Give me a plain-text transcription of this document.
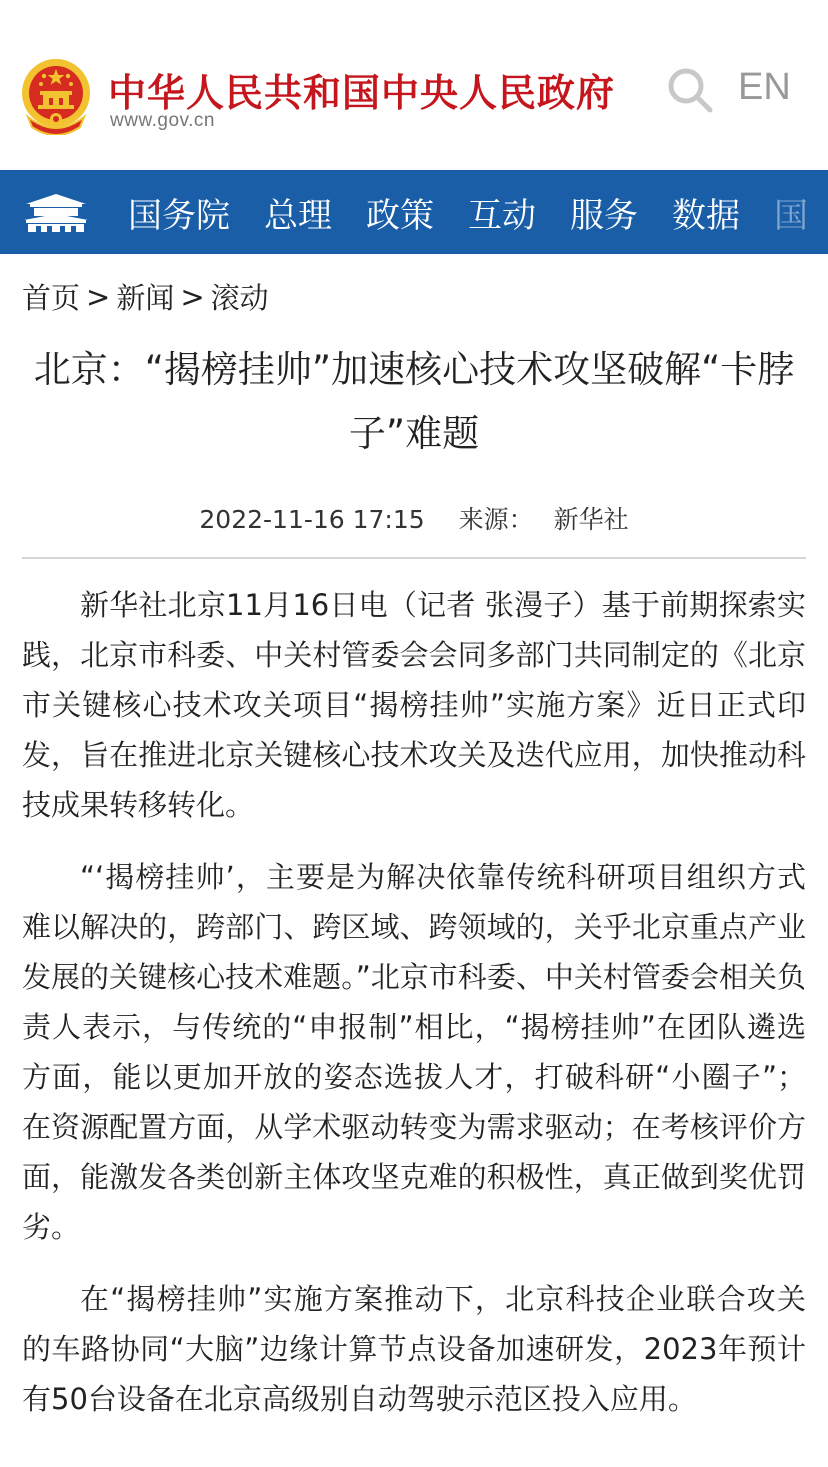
中华人民共和国中央人民政府
www.gov.cn
EN
国务院 总理 政策 互动 服务 数据 国
首页 > 新闻 > 滚动
北京：“揭榜挂帅”加速核心技术攻坚破解“卡脖子”难题
2022-11-16 17:15 来源： 新华社

新华社北京11月16日电（记者 张漫子）基于前期探索实践，北京市科委、中关村管委会会同多部门共同制定的《北京市关键核心技术攻关项目“揭榜挂帅”实施方案》近日正式印发，旨在推进北京关键核心技术攻关及迭代应用，加快推动科技成果转移转化。

“‘揭榜挂帅’，主要是为解决依靠传统科研项目组织方式难以解决的，跨部门、跨区域、跨领域的，关乎北京重点产业发展的关键核心技术难题。”北京市科委、中关村管委会相关负责人表示，与传统的“申报制”相比，“揭榜挂帅”在团队遴选方面，能以更加开放的姿态选拔人才，打破科研“小圈子”；在资源配置方面，从学术驱动转变为需求驱动；在考核评价方面，能激发各类创新主体攻坚克难的积极性，真正做到奖优罚劣。

在“揭榜挂帅”实施方案推动下，北京科技企业联合攻关的车路协同“大脑”边缘计算节点设备加速研发，2023年预计有50台设备在北京高级别自动驾驶示范区投入应用。
